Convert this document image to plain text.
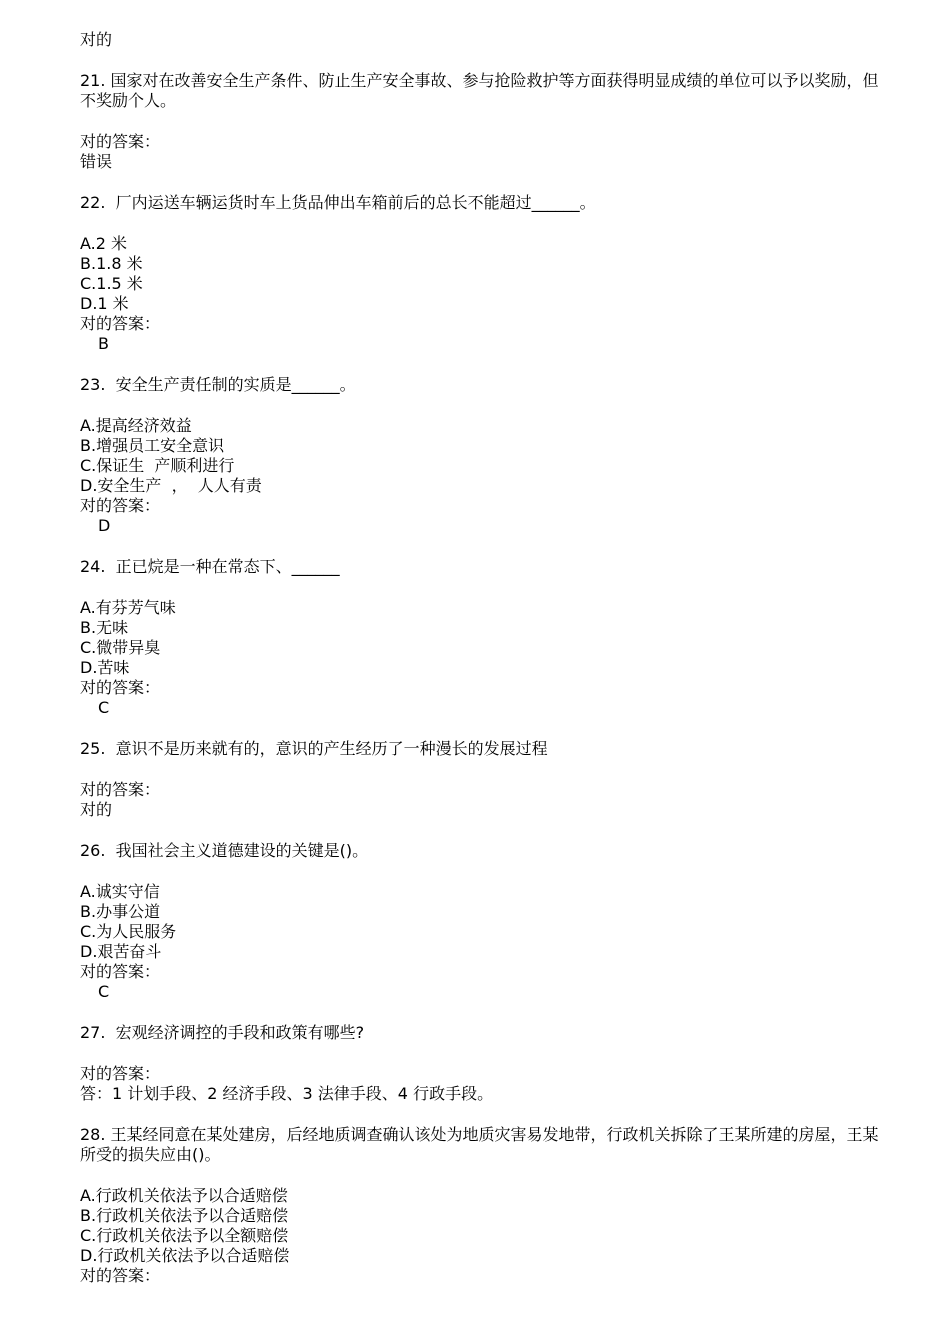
对的
21. 国家对在改善安全生产条件、防止生产安全事故、参与抢险救护等方面获得明显成绩的单位可以予以奖励，但不奖励个人。
对的答案：
错误
22.  厂内运送车辆运货时车上货品伸出车箱前后的总长不能超过______。
A.2 米
B.1.8 米
C.1.5 米
D.1 米
对的答案：
B
23.  安全生产责任制的实质是______。
A.提高经济效益
B.增强员工安全意识
C.保证生  产顺利进行
D.安全生产  ，  人人有责
对的答案：
D
24.  正已烷是一种在常态下、______
A.有芬芳气味
B.无味
C.微带异臭
D.苦味
对的答案：
C
25.  意识不是历来就有的，意识的产生经历了一种漫长的发展过程
对的答案：
对的
26.  我国社会主义道德建设的关键是()。
A.诚实守信
B.办事公道
C.为人民服务
D.艰苦奋斗
对的答案：
C
27.  宏观经济调控的手段和政策有哪些?
对的答案：
答：1 计划手段、2 经济手段、3 法律手段、4 行政手段。
28. 王某经同意在某处建房，后经地质调查确认该处为地质灾害易发地带，行政机关拆除了王某所建的房屋，王某所受的损失应由()。
A.行政机关依法予以合适赔偿
B.行政机关依法予以合适赔偿
C.行政机关依法予以全额赔偿
D.行政机关依法予以合适赔偿
对的答案：
